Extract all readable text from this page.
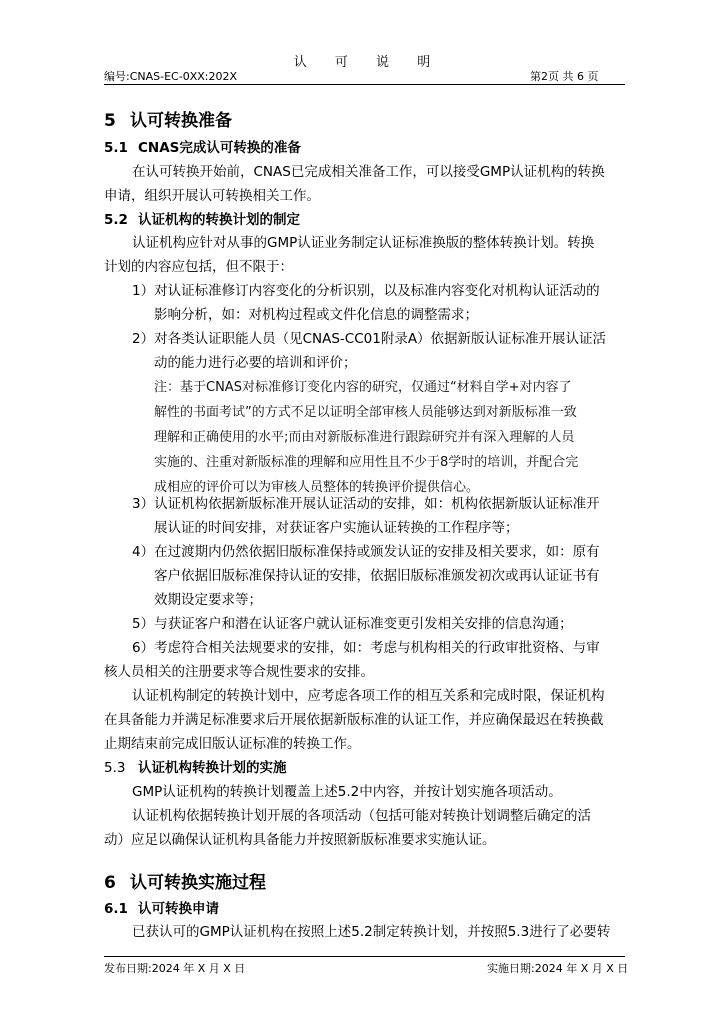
认 可 说 明
编号:CNAS-EC-0XX:202X	第2页 共 6 页
5 认可转换准备
5.1 CNAS完成认可转换的准备
在认可转换开始前，CNAS已完成相关准备工作，可以接受GMP认证机构的转换
申请，组织开展认可转换相关工作。
5.2 认证机构的转换计划的制定
认证机构应针对从事的GMP认证业务制定认证标准换版的整体转换计划。转换
计划的内容应包括，但不限于：
1）对认证标准修订内容变化的分析识别，以及标准内容变化对机构认证活动的
影响分析，如：对机构过程或文件化信息的调整需求；
2）对各类认证职能人员（见CNAS-CC01附录A）依据新版认证标准开展认证活
动的能力进行必要的培训和评价；
注：基于CNAS对标准修订变化内容的研究，仅通过“材料自学+对内容了
解性的书面考试”的方式不足以证明全部审核人员能够达到对新版标准一致
理解和正确使用的水平;而由对新版标准进行跟踪研究并有深入理解的人员
实施的、注重对新版标准的理解和应用性且不少于8学时的培训，并配合完
成相应的评价可以为审核人员整体的转换评价提供信心。
3）认证机构依据新版标准开展认证活动的安排，如：机构依据新版认证标准开
展认证的时间安排，对获证客户实施认证转换的工作程序等；
4）在过渡期内仍然依据旧版标准保持或颁发认证的安排及相关要求，如：原有
客户依据旧版标准保持认证的安排，依据旧版标准颁发初次或再认证证书有
效期设定要求等；
5）与获证客户和潜在认证客户就认证标准变更引发相关安排的信息沟通；
6）考虑符合相关法规要求的安排，如：考虑与机构相关的行政审批资格、与审
核人员相关的注册要求等合规性要求的安排。
认证机构制定的转换计划中，应考虑各项工作的相互关系和完成时限，保证机构
在具备能力并满足标准要求后开展依据新版标准的认证工作，并应确保最迟在转换截
止期结束前完成旧版认证标准的转换工作。
5.3 认证机构转换计划的实施
GMP认证机构的转换计划覆盖上述5.2中内容，并按计划实施各项活动。
认证机构依据转换计划开展的各项活动（包括可能对转换计划调整后确定的活
动）应足以确保认证机构具备能力并按照新版标准要求实施认证。
6 认可转换实施过程
6.1 认可转换申请
已获认可的GMP认证机构在按照上述5.2制定转换计划，并按照5.3进行了必要转
发布日期:2024 年 X 月 X 日	实施日期:2024 年 X 月 X 日
